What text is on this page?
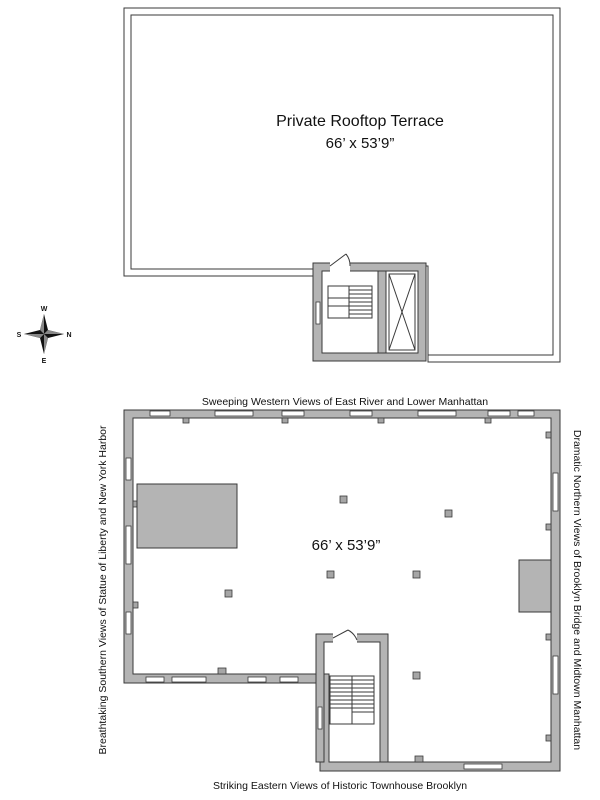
Private Rooftop Terrace
66’ x 53’9”
W
E
S	N
66’ x 53’9”
Sweeping Western Views of East River and Lower Manhattan
Striking Eastern Views of Historic Townhouse Brooklyn
Breathtaking Southern Views of Statue of Liberty and New York Harbor	Dramatic Northern Views of Brooklyn Bridge and Midtown Manhattan
